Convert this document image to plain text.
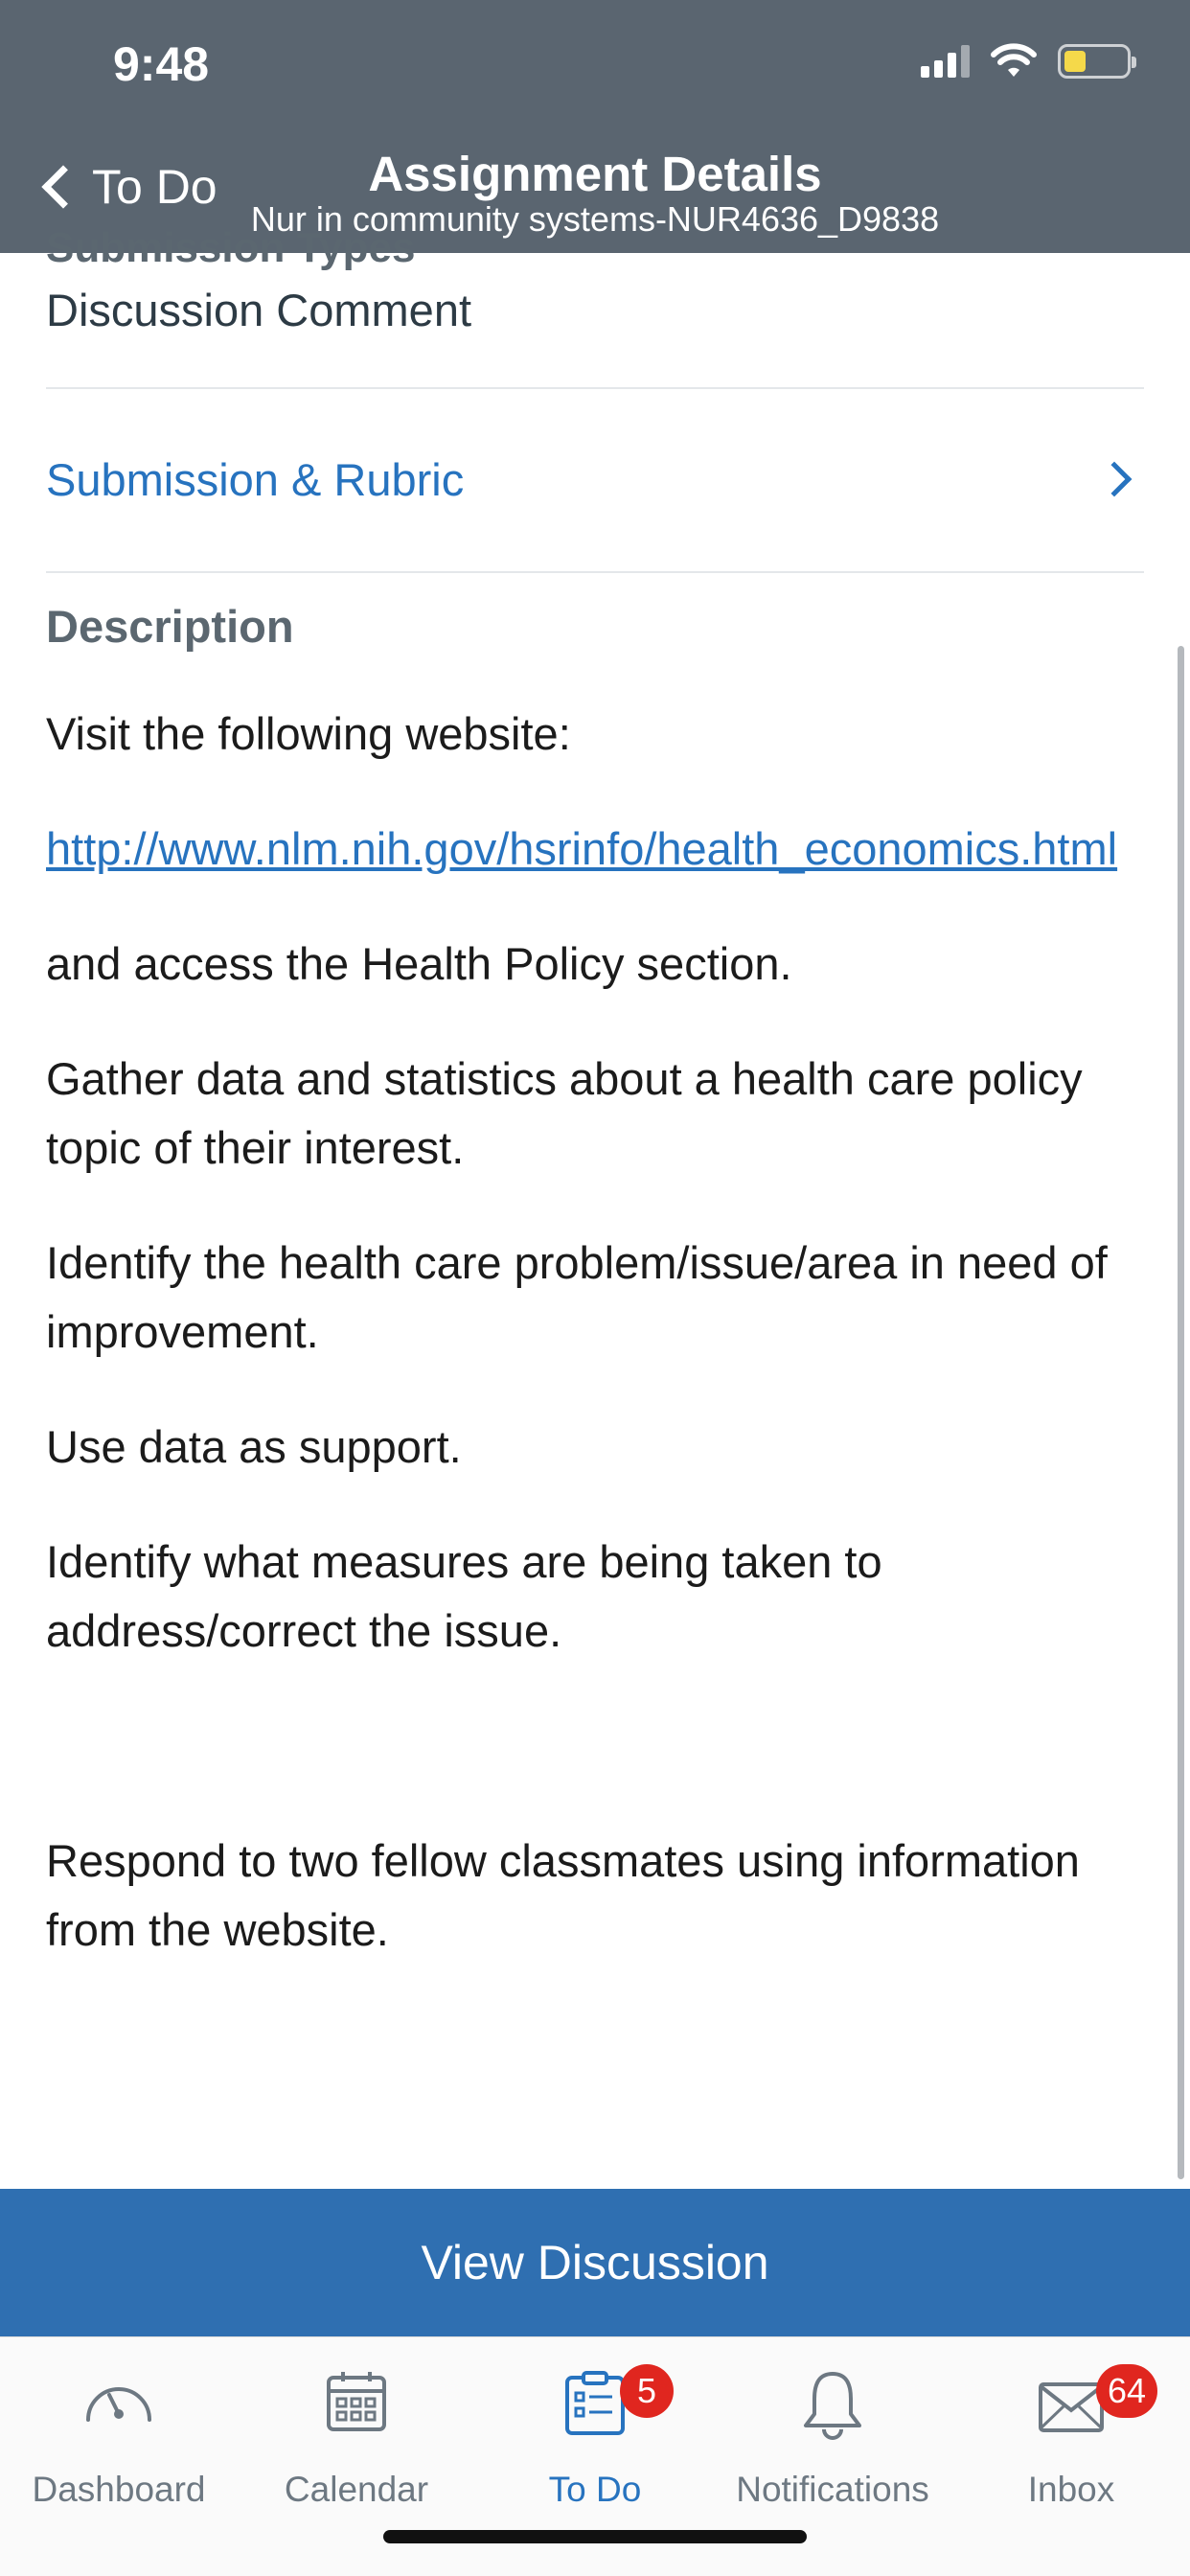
9:48
To Do	Assignment Details
Nur in community systems-NUR4636_D9838
Submission Types
Discussion Comment
Submission & Rubric
Description

Visit the following website:

http://www.nlm.nih.gov/hsrinfo/health_economics.html

and access the Health Policy section.

Gather data and statistics about a health care policy topic of their interest.

Identify the health care problem/issue/area in need of improvement.

Use data as support.

Identify what measures are being taken to address/correct the issue.

Respond to two fellow classmates using information from the website.

View Discussion
Dashboard Calendar
5
To Do	Notifications
64
Inbox
